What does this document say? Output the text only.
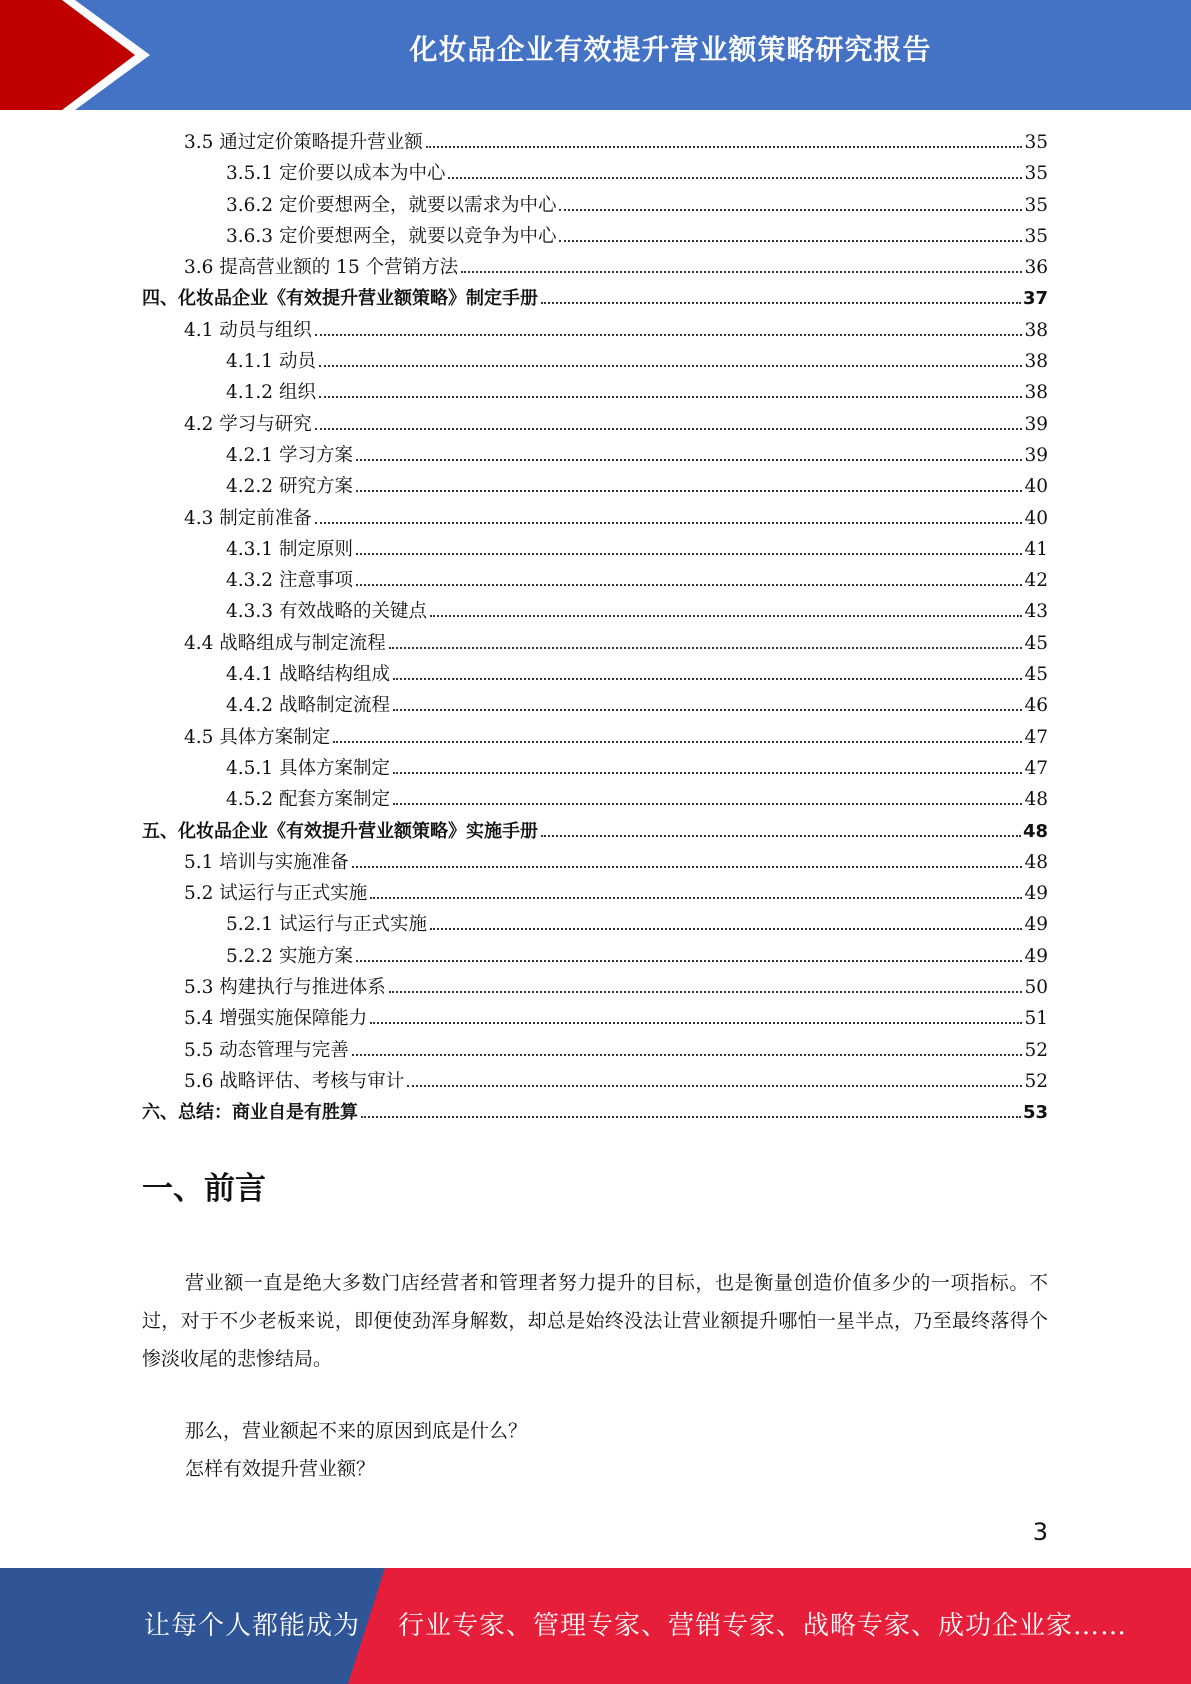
化妆品企业有效提升营业额策略研究报告
3.5 通过定价策略提升营业额	35
3.5.1 定价要以成本为中心	35
3.6.2 定价要想两全，就要以需求为中心	35
3.6.3 定价要想两全，就要以竞争为中心	35
3.6 提高营业额的 15 个营销方法	36
四、化妆品企业《有效提升营业额策略》制定手册	37
4.1 动员与组织	38
4.1.1 动员	38
4.1.2 组织	38
4.2 学习与研究	39
4.2.1 学习方案	39
4.2.2 研究方案	40
4.3 制定前准备	40
4.3.1 制定原则	41
4.3.2 注意事项	42
4.3.3 有效战略的关键点	43
4.4 战略组成与制定流程	45
4.4.1 战略结构组成	45
4.4.2 战略制定流程	46
4.5 具体方案制定	47
4.5.1 具体方案制定	47
4.5.2 配套方案制定	48
五、化妆品企业《有效提升营业额策略》实施手册	48
5.1 培训与实施准备	48
5.2 试运行与正式实施	49
5.2.1 试运行与正式实施	49
5.2.2 实施方案	49
5.3 构建执行与推进体系	50
5.4 增强实施保障能力	51
5.5 动态管理与完善	52
5.6 战略评估、考核与审计	52
六、总结：商业自是有胜算	53
一、前言

营业额一直是绝大多数门店经营者和管理者努力提升的目标，也是衡量创造价值多少的一项指标。不过，对于不少老板来说，即便使劲浑身解数，却总是始终没法让营业额提升哪怕一星半点，乃至最终落得个惨淡收尾的悲惨结局。

那么，营业额起不来的原因到底是什么？

怎样有效提升营业额？

3
让每个人都能成为 行业专家、管理专家、营销专家、战略专家、成功企业家……
